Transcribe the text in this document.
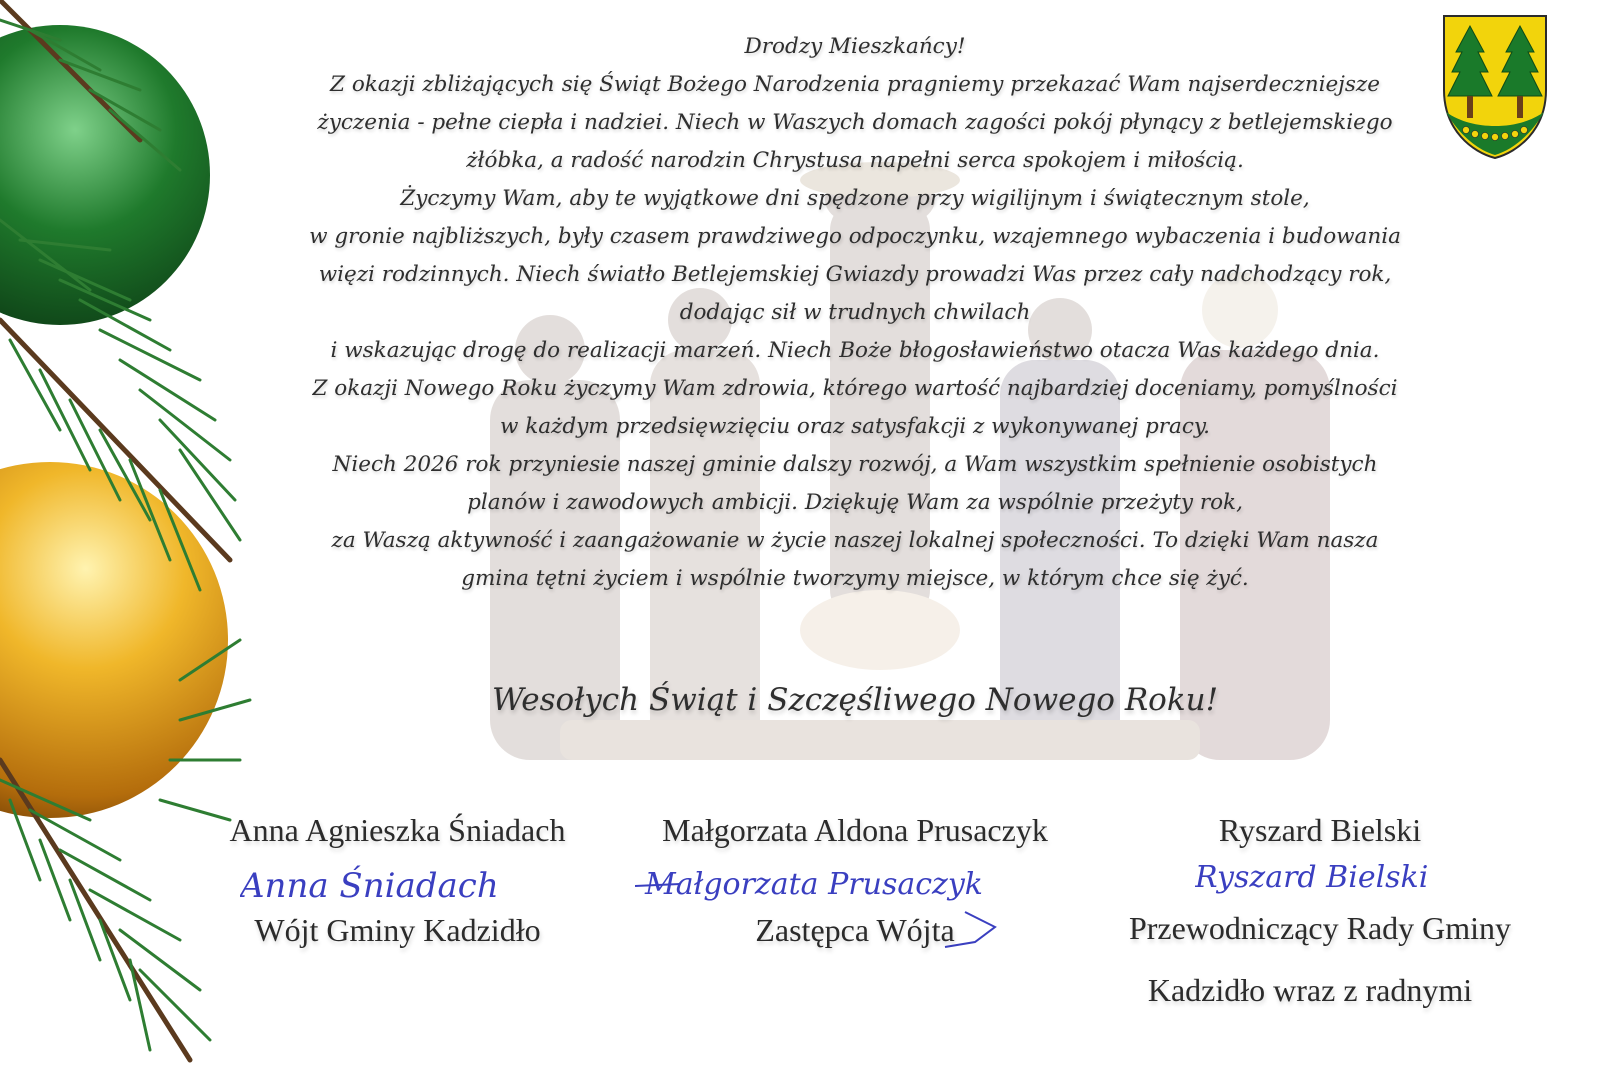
Drodzy Mieszkańcy!
Z okazji zbliżających się Świąt Bożego Narodzenia pragniemy przekazać Wam najserdeczniejsze
życzenia - pełne ciepła i nadziei. Niech w Waszych domach zagości pokój płynący z betlejemskiego
żłóbka, a radość narodzin Chrystusa napełni serca spokojem i miłością.
Życzymy Wam, aby te wyjątkowe dni spędzone przy wigilijnym i świątecznym stole,
w gronie najbliższych, były czasem prawdziwego odpoczynku, wzajemnego wybaczenia i budowania
więzi rodzinnych. Niech światło Betlejemskiej Gwiazdy prowadzi Was przez cały nadchodzący rok,
dodając sił w trudnych chwilach
i wskazując drogę do realizacji marzeń. Niech Boże błogosławieństwo otacza Was każdego dnia.
Z okazji Nowego Roku życzymy Wam zdrowia, którego wartość najbardziej doceniamy, pomyślności
w każdym przedsięwzięciu oraz satysfakcji z wykonywanej pracy.
Niech 2026 rok przyniesie naszej gminie dalszy rozwój, a Wam wszystkim spełnienie osobistych
planów i zawodowych ambicji. Dziękuję Wam za wspólnie przeżyty rok,
za Waszą aktywność i zaangażowanie w życie naszej lokalnej społeczności. To dzięki Wam nasza
gmina tętni życiem i wspólnie tworzymy miejsce, w którym chce się żyć.
Wesołych Świąt i Szczęśliwego Nowego Roku!
Anna Agnieszka Śniadach
Anna Śniadach
Wójt Gminy Kadzidło
Małgorzata Aldona Prusaczyk
Małgorzata Prusaczyk
Zastępca Wójta
Ryszard Bielski
Ryszard Bielski
Przewodniczący Rady Gminy
Kadzidło wraz z radnymi
